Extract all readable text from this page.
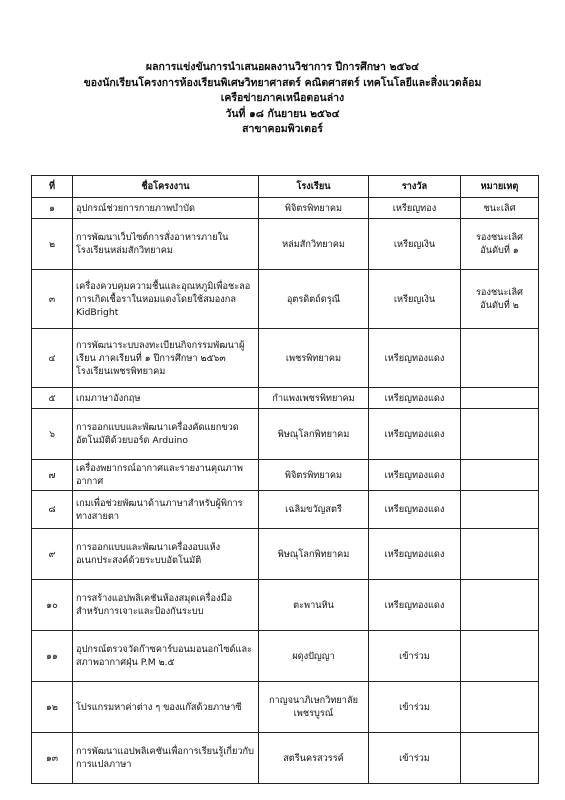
ผลการแข่งขันการนำเสนอผลงานวิชาการ ปีการศึกษา ๒๕๖๔
ของนักเรียนโครงการห้องเรียนพิเศษวิทยาศาสตร์ คณิตศาสตร์ เทคโนโลยีและสิ่งแวดล้อม
เครือข่ายภาคเหนือตอนล่าง
วันที่ ๑๘ กันยายน ๒๕๖๔
สาขาคอมพิวเตอร์
ที่	ชื่อโครงงาน	โรงเรียน	รางวัล	หมายเหตุ
๑	อุปกรณ์ช่วยการกายภาพบำบัด	พิจิตรพิทยาคม	เหรียญทอง	ชนะเลิศ
๒	การพัฒนาเว็บไซต์การสั่งอาหารภายในโรงเรียนหล่มสักวิทยาคม	หล่มสักวิทยาคม	เหรียญเงิน	รองชนะเลิศ อันดับที่ ๑
๓	เครื่องควบคุมความชื้นและอุณหภูมิเพื่อชะลอการเกิดเชื้อราในหอมแดงโดยใช้สมองกล KidBright	อุตรดิตถ์ดรุณี	เหรียญเงิน	รองชนะเลิศ อันดับที่ ๒
๔	การพัฒนาระบบลงทะเบียนกิจกรรมพัฒนาผู้เรียน ภาคเรียนที่ ๑ ปีการศึกษา ๒๕๖๓ โรงเรียนเพชรพิทยาคม	เพชรพิทยาคม	เหรียญทองแดง	
๕	เกมภาษาอังกฤษ	กำแพงเพชรพิทยาคม	เหรียญทองแดง	
๖	การออกแบบและพัฒนาเครื่องคัดแยกขวดอัตโนมัติด้วยบอร์ด Arduino	พิษณุโลกพิทยาคม	เหรียญทองแดง	
๗	เครื่องพยากรณ์อากาศและรายงานคุณภาพอากาศ	พิจิตรพิทยาคม	เหรียญทองแดง	
๘	เกมเพื่อช่วยพัฒนาด้านภาษาสำหรับผู้พิการทางสายตา	เฉลิมขวัญสตรี	เหรียญทองแดง	
๙	การออกแบบและพัฒนาเครื่องอบแห้งอเนกประสงค์ด้วยระบบอัตโนมัติ	พิษณุโลกพิทยาคม	เหรียญทองแดง	
๑๐	การสร้างแอปพลิเคชันห้องสมุดเครื่องมือสำหรับการเจาะและป้องกันระบบ	ตะพานหิน	เหรียญทองแดง	
๑๑	อุปกรณ์ตรวจวัดก๊าซคาร์บอนมอนอกไซด์และสภาพอากาศฝุ่น P.M ๒.๕	ผดุงปัญญา	เข้าร่วม	
๑๒	โปรแกรมหาค่าต่าง ๆ ของแก๊สด้วยภาษาซี	กาญจนาภิเษกวิทยาลัย เพชรบูรณ์	เข้าร่วม	
๑๓	การพัฒนาแอปพลิเคชันเพื่อการเรียนรู้เกี่ยวกับการแปลภาษา	สตรีนครสวรรค์	เข้าร่วม	
